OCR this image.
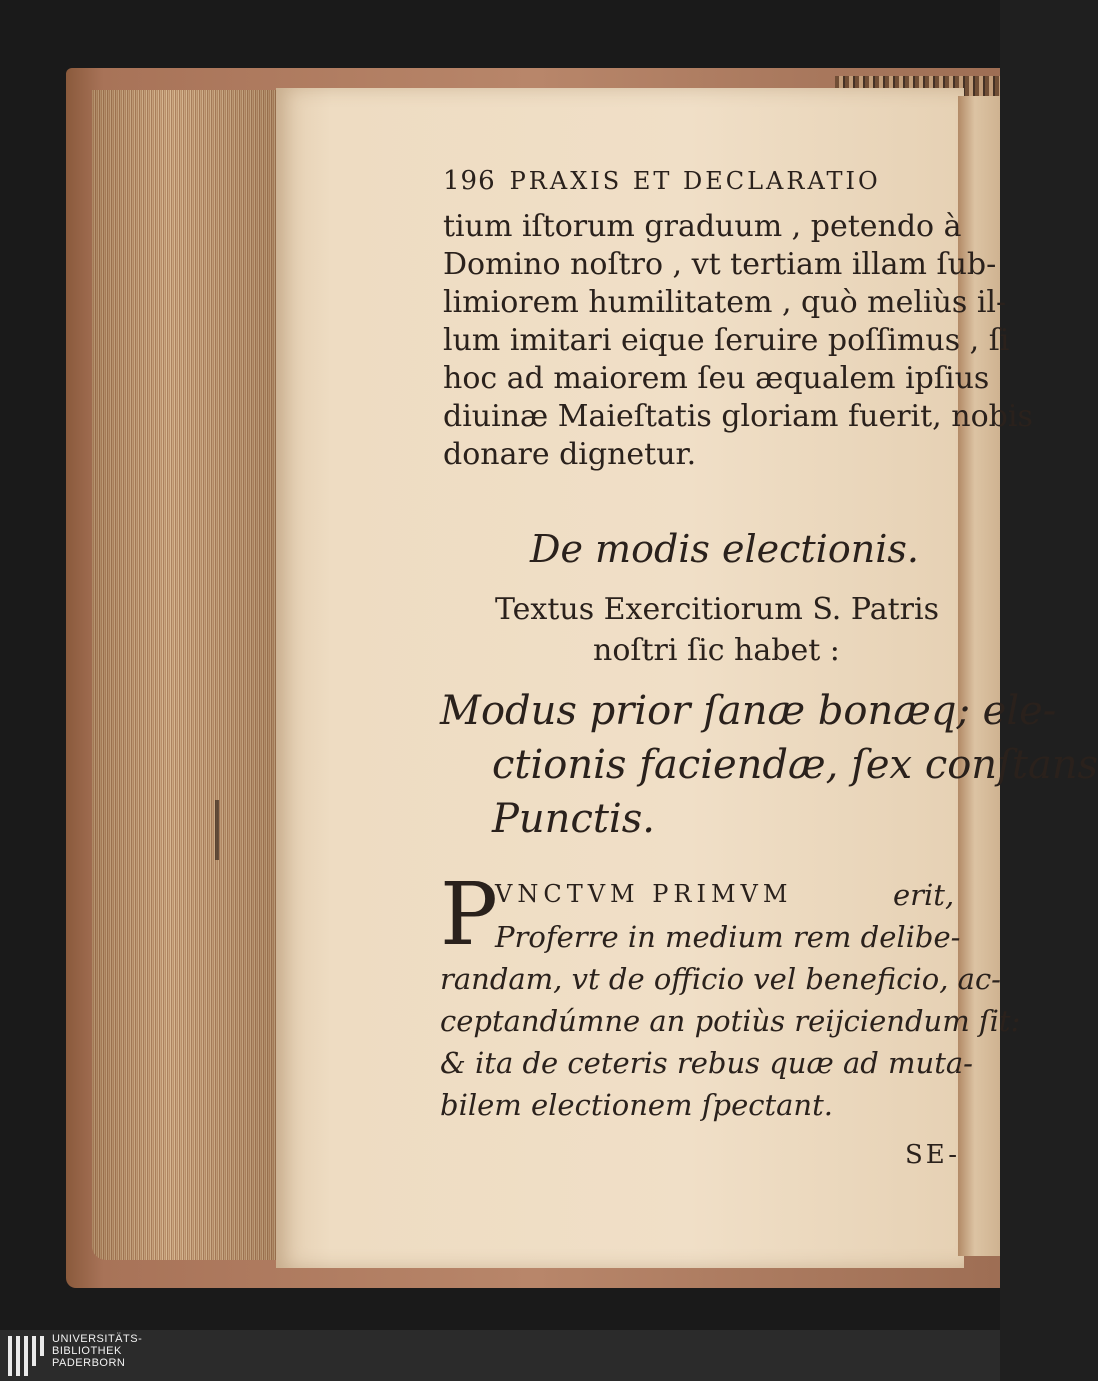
196 PRAXIS ET DECLARATIO
tium iſtorum graduum , petendo à
Domino noſtro , vt tertiam illam ſub-
limiorem humilitatem , quò meliùs il-
lum imitari eique ſeruire poſſimus , ſi
hoc ad maiorem ſeu æqualem ipſius
diuinæ Maieſtatis gloriam fuerit, nobis
donare dignetur.
De modis electionis.
Textus Exercitiorum S. Patris
noſtri ſic habet :
Modus prior ſanæ bonæq; ele-
ctionis faciendæ, ſex conſtans
Punctis.
P
VNCTVM PRIMVM	erit,
Proferre in medium rem delibe-
randam, vt de officio vel beneficio, ac-
ceptandúmne an potiùs reijciendum ſit:
& ita de ceteris rebus quæ ad muta-
bilem electionem ſpectant.
SE-
UNIVERSITÄTS-
BIBLIOTHEK
PADERBORN
